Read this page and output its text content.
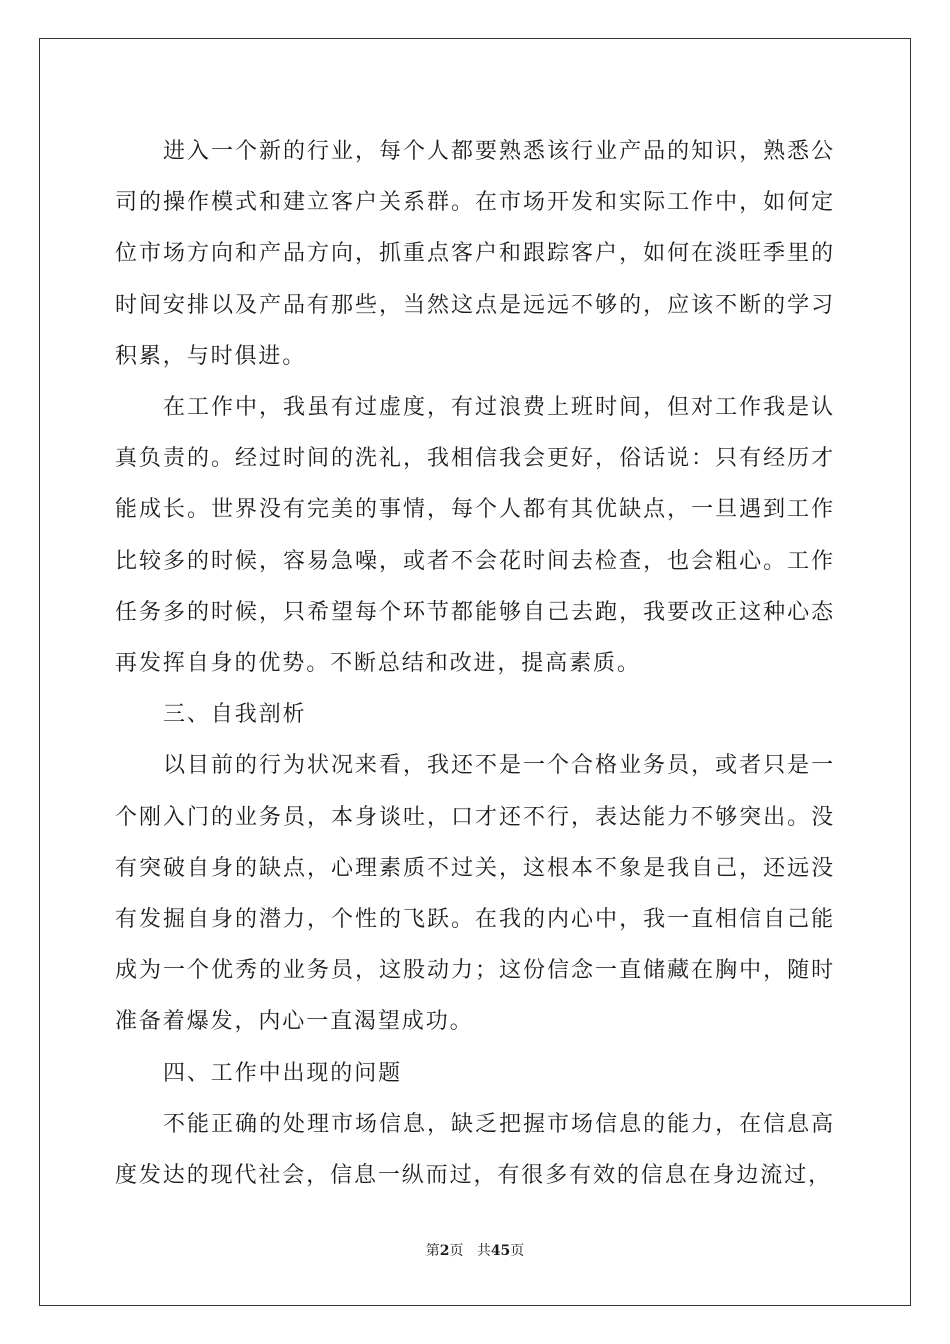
进入一个新的行业，每个人都要熟悉该行业产品的知识，熟悉公司的操作模式和建立客户关系群。在市场开发和实际工作中，如何定位市场方向和产品方向，抓重点客户和跟踪客户，如何在淡旺季里的时间安排以及产品有那些，当然这点是远远不够的，应该不断的学习积累，与时俱进。

在工作中，我虽有过虚度，有过浪费上班时间，但对工作我是认真负责的。经过时间的洗礼，我相信我会更好，俗话说：只有经历才能成长。世界没有完美的事情，每个人都有其优缺点，一旦遇到工作比较多的时候，容易急噪，或者不会花时间去检查，也会粗心。工作任务多的时候，只希望每个环节都能够自己去跑，我要改正这种心态再发挥自身的优势。不断总结和改进，提高素质。

三、自我剖析

以目前的行为状况来看，我还不是一个合格业务员，或者只是一个刚入门的业务员，本身谈吐，口才还不行，表达能力不够突出。没有突破自身的缺点，心理素质不过关，这根本不象是我自己，还远没有发掘自身的潜力，个性的飞跃。在我的内心中，我一直相信自己能成为一个优秀的业务员，这股动力；这份信念一直储藏在胸中，随时准备着爆发，内心一直渴望成功。

四、工作中出现的问题

不能正确的处理市场信息，缺乏把握市场信息的能力，在信息高度发达的现代社会，信息一纵而过，有很多有效的信息在身边流过，

第2页 共45页
